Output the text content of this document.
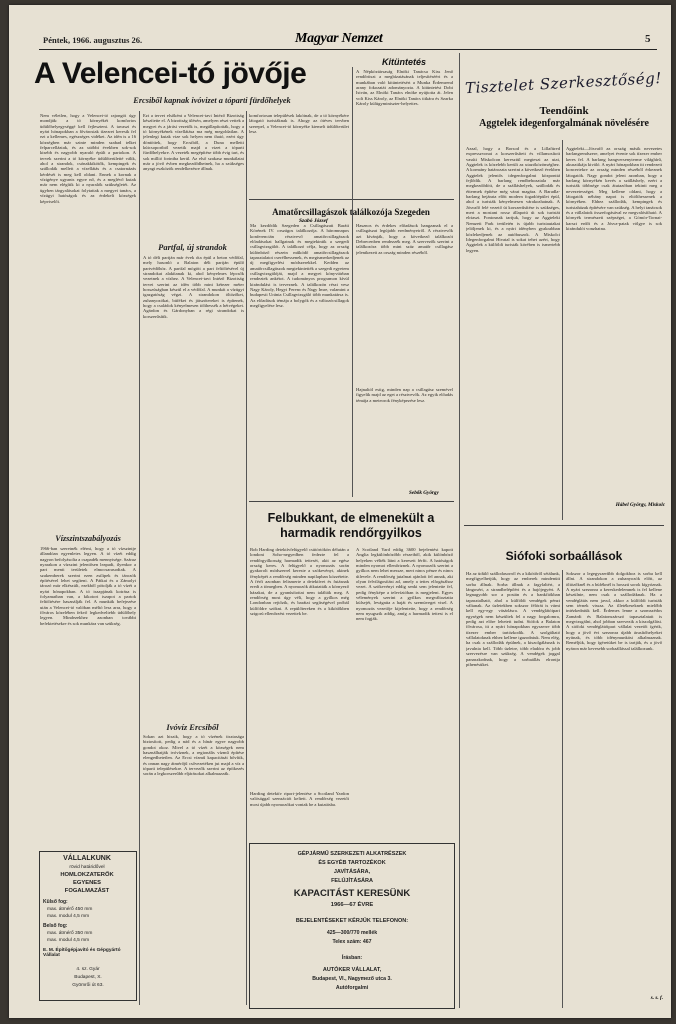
Péntek, 1966. augusztus 26.	Magyar Nemzet	5
A Velencei-tó jövője
Ercsiből kapnak ivóvizet a tóparti fürdőhelyek
Nem véletlen, hogy a Velencei-tó rajongói úgy mondják: a tó környékét komfortos üdülőhelyegységgé kell fejleszteni. A tavaszi és nyári hónapokban a fővárosiak tízezrei keresik fel ezt a kellemes, egészséges vidéket. Az idén is a 16 községben már szinte minden szabad telket felparcelláztak, és az utóbbi években sok-sok kisebb és nagyobb nyaraló épült a partokon. A tervek szerint a tó környéke üdülőterületté válik, ahol a strandok, csónakkikötők, kempingek és szállodák mellett a vízellátás és a csatornázás kérdését is meg kell oldani. Ennek a kornak a vízigénye ugyanis egyre nő, és a meglévő kutak már nem elégítik ki a nyaralók szükségletét. Az ügyben tárgyalásokat folytattak a megyei tanács, a vízügyi hatóságok és az érdekelt községek képviselői.
Ezt a tervet elsőként a Velencei-tavi Intéző Bizottság készítette el. A bizottság ülésén, amelyen részt vettek a megyei és a járási vezetők is, megállapították, hogy a tó környékének vízellátása ma még megoldatlan. A jelenlegi kutak vize sok helyen nem iható, ezért úgy döntöttek, hogy Ercsiből, a Duna melletti kútcsoportból vezetik majd a vizet a tóparti fürdőhelyekre. A vezeték megépítése több évig tart, és sok millió forintba kerül. Az első szakasz munkálatai már a jövő évben megkezdődhetnek, ha a szükséges anyagi eszközök rendelkezésre állnak.
Partfal, új strandok
A tó déli partján már évek óta épül a beton védőfal, mely hasonló a Balaton déli partján épülő partvédőhöz. A partfal mögött a part feltöltésével új strandokat alakítanak ki, ahol kényelmes lépcsők vezetnek a vízhez. A Velencei-tavi Intéző Bizottság tervei szerint az idén több mint kétezer méter hosszúságban készül el a védőfal. A munkát a vízügyi igazgatóság végzi. A strandokon öltözőket, zuhanyozókat, büféket és játszótereket is építenek, hogy a családok kényelmesen tölthessék a hétvégeket. Agárdon és Gárdonyban a régi strandokat is korszerűsítik.
Ivóvíz Ercsiből
Sokan azt hiszik, hogy a tó vízének tisztasága biztosított, pedig a nád és a hínár egyre nagyobb gondot okoz. Mivel a tó vízét a községek nem használhatják ivóvíznek, a regionális vízmű építése elengedhetetlen. Az Ercsi vízmű kapacitását bővítik, és onnan nagy átmérőjű csővezetéken jut majd a víz a tóparti településekre. A tervezők szerint az építkezés során a legkorszerűbb eljárásokat alkalmazzák.
komfortosan települések lakóinak, de a tó környékére látogató turistáknak is. Ahogy az ötéves tervben szerepel, a Velencei-tó környéke kiemelt üdülőterület lesz.
Szabó József
Vízszintszabályozás
1966-ban szeretnék elérni, hogy a tó vízszintje állandóan egyenletes legyen. A tó vízét eddig nagyon befolyásolta a csapadék mennyisége. Száraz nyarakon a vízszint jelentősen leapadt, ilyenkor a part menti területek elmocsarasodtak. A szakemberek szerint ezen zsilipek és tározók építésével lehet segíteni. A Pátkai és a Zámolyi tározó már elkészült, ezekből pótolják a tó vízét a nyári hónapokban. A tó iszapjának kotrása is folyamatban van, a kikotort iszapot a partok feltöltésére használják fel. A munkák befejezése után a Velencei-tó valóban méltó lesz arra, hogy a főváros közelében fekvő legkedveltebb üdülőhely legyen. Mindezekhez azonban további befektetésekre és sok munkára van szükség.
VÁLLALKUNK
rövid határidővel
HOMLOKZATERŐK
EGYENES
FOGALMAZÁST
Külső fog:
max. átmérő 450 mm
max. modul 4,5 mm
Belső fog:
max. átmérő 350 mm
max. modul 4,5 mm
E. M. Építőgépjavító és Gépgyártó Vállalat
4. sz. Gyár
Budapest, X.
Gyömrői út 63.
Kitüntetés
A Népköztársaság Elnöki Tanácsa Kiss Jenő rendőrtiszt a megbízatásának teljesítéséért és a munkában való kitüntetésért a Munka Érdemrend arany fokozatát adományozta. A kitüntetést Dobi István, az Elnöki Tanács elnöke nyújtotta át. Jelen volt Kiss Károly, az Elnöki Tanács titkára és Szarka Károly külügyminiszter-helyettes.
Amatőrcsillagászok találkozója Szegeden
Ma kezdődik Szegeden a Csillagászati Baráti Körének IV. országos találkozója. A háromnapos konferencián résztvevő amatőrcsillagászok előadásokat hallgatnak és megtekintik a szegedi csillagvizsgálót. A találkozó célja, hogy az ország különböző részein működő amatőrcsillagászok tapasztalatot cserélhessenek, és megismerkedjenek az új megfigyelési módszerekkel. Kedden az amatőrcsillagászok megtekintették a szegedi egyetem csillagvizsgálóját, majd a megyei könyvtárban rendeztek ankétot. A tudományos programon kívül kirándulást is terveznek. A találkozón részt vesz Nagy Károly, Hegyi Ferenc és Nagy Imre, valamint a budapesti Uránia Csillagvizsgáló több munkatársa is. Az előadások témája a bolygók és a változócsillagok megfigyelése lesz.
Hasznos és érdekes előadások hangzanak el a csillagászat legújabb eredményeiről. A résztvevők azt kívánják, hogy a következő találkozót Debrecenben rendezzék meg. A szervezők szerint a találkozóra több mint száz amatőr csillagász jelentkezett az ország minden részéből.
Hajnaltól estig, minden nap a csillagász szemével figyelik majd az eget a résztvevők. Az egyik előadás témája a meteorok fényképezése lesz.
Sebők György
Felbukkant, de elmenekült a harmadik rendőrgyilkos
Bob Harding detektívfelügyelő csütörtökön délután a londoni Soho-negyedben fedezte fel a rendőrgyilkosság harmadik tettesét, akit az egész ország keres. A felügyelő a nyomozás során gyakorolt módszerrel kereste a szökevényt, akinek fényképét a rendőrség minden napilapban közzétette. A férfi azonban felismerte a detektívet és futásnak eredt a tömegben. A nyomozók átkutatták a környező házakat, de a gyanúsítottat nem találták meg. A rendőrség most úgy véli, hogy a gyilkos még Londonban rejtőzik, és barátai segítségével próbál külföldre szökni. A repülőtereken és a kikötőkben szigorú ellenőrzést vezettek be.
Harding detektív riport-jelentése a Scotland Yardon valósággal szenzációt keltett. A rendőrség vezetői most újabb nyomozókat vontak be a kutatásba.
A Scotland Yard eddig 3600 bejelentést kapott Anglia legkülönbözőbb részeiből, akik különböző helyeken vélték látni a keresett férfit. A hatóságok minden nyomot ellenőriznek. A nyomozók szerint a gyilkos nem lehet messze, mert nincs pénze és nincs útlevele. A rendőrség jutalmat ajánlott fel annak, aki olyan felvilágosítást ad, amely a tettes elfogásához vezet. A szökevényt eddig senki sem jelentette fel, pedig fényképe a televízióban is megjelent. Egyes vélemények szerint a gyilkos megváltoztatta külsejét, levágatta a haját és szemüveget visel. A nyomozás vezetője kijelentette, hogy a rendőrség nem nyugszik addig, amíg a harmadik tettest is el nem fogják.
GÉPJÁRMŰ SZERKEZETI ALKATRÉSZEK
ÉS EGYÉB TARTOZÉKOK
JAVÍTÁSÁRA,
FELÚJÍTÁSÁRA
KAPACITÁST KERESÜNK
1966—67 ÉVRE
BEJELENTÉSEKET KÉRJÜK TELEFONON:
425—300/770 mellék
Telex szám: 467
Írásban:
AUTÓKER VÁLLALAT,
Budapest, VI., Nagymező utca 3.
Autóforgalmi
Tisztelet Szerkesztőség!
Teendőink
Aggtelek idegenforgalmának növelésére
Azzal, hogy a Borsod és a Lillafüred expresszvonat a korszerűsített és villamosított vasúti Miskolcon keresztül megteszi az utat, Aggtelek is közelebb került az utazóközönséghez. A kormány határozata szerint a következő években Aggtelek jelentős idegenforgalmi központtá fejlődik. A barlang rendbehozatala már megkezdődött, de a szálláshelyek, szállodák és éttermek építése még várat magára. A Baradla-barlang bejárata előtt modern fogadóépület épül, ahol a turisták kényelmesen várakozhatnak. A Jósvafő felé vezető út korszerűsítése is szükséges, mert a mostani rossz állapotú út sok turistát elriaszt. Fontosnak tartjuk, hogy az Aggteleki Nemzeti Park területén is újabb turistautakat jelöljenek ki, és a nyári idényben gyakrabban közlekedjenek az autóbuszok. A Miskolci Idegenforgalmi Hivatal is sokat tehet azért, hogy Aggtelek a külföldi turisták körében is ismertebb legyen.
Aggteleki—Jósvafő az ország másik nevezetes barlangrendszere, amelyet évente sok tízezer ember keres fel. A barlang hangversenyterme világhírű, akusztikája kiváló. A nyári hónapokban itt rendezett koncertekre az ország minden részéből érkeznek látogatók. Nagy gondot jelent azonban, hogy a barlang környékén kevés a szálláshely, ezért a turisták többsége csak átutazóban tekinti meg a nevezetességet. Meg kellene oldani, hogy a látogatók néhány napot is eltölthessenek a környéken. Ehhez szállodák, kempingek és turistaházak építésére van szükség. A helyi tanácsok és a vállalatok összefogásával ez megvalósítható. A környék természeti szépségei, a Gömör-Tornai-karszt erdői és a Jósva-patak völgye is sok kirándulót vonzhatna.
Hábel György, Miskolc
Siófoki sorbaállások
Ha az üdülő szállodasorról és a kikötőről sétálunk, megfigyelhetjük, hogy az emberek mindenütt sorba állnak. Sorba állnak a fagylaltért, a lángosért, a strandbelépőért és a hajójegyért. A legnagyobb sor a postán és a bankfiókban tapasztalható, ahol a külföldi vendégek pénzt váltanak. Az üzletekben sokszor félórát is várni kell egy-egy vásárlásra. A vendéglátóipari egységek nem készültek fel a nagy forgalomra, pedig azt előre lehetett tudni. Siófok a Balaton fővárosa, itt a nyári hónapokban egyszerre több tízezer ember tartózkodik. A szolgáltató vállalatoknak ehhez kellene igazodniuk. Nem elég, ha csak a szállodák épülnek, a kiszolgálásnak is javulnia kell. Több üzletre, több eladóra és jobb szervezésre van szükség. A vendégek joggal panaszkodnak, hogy a sorbaállás elrontja pihenésüket.
Sokszor a legegyszerűbb dolgokhoz is sorba kell állni. A strandokon a zuhanyozók előtt, az öltözőknél és a büféknél is hosszú sorok kígyóznak. A nyári szezonra a kereskedelemnek is fel kellene készülnie, nem csak a szállodáknak. Ha a vendéglátás nem javul, akkor a külföldi turisták sem térnek vissza. Az illetékeseknek mielőbb intézkedniük kell. Érdemes lenne a szomszédos Zamárdi és Balatonszárszó tapasztalatait is megvizsgálni, ahol jobban szervezik a kiszolgálást. A siófoki vendéglátóipari vállalat vezetői ígérik, hogy a jövő évi szezonra újabb árusítóhelyeket nyitnak, és több idénymunkást alkalmaznak. Reméljük, hogy ígéretüket be is tartják, és a jövő nyáron már kevesebb sorbaállással találkozunk.
s. s. f.
